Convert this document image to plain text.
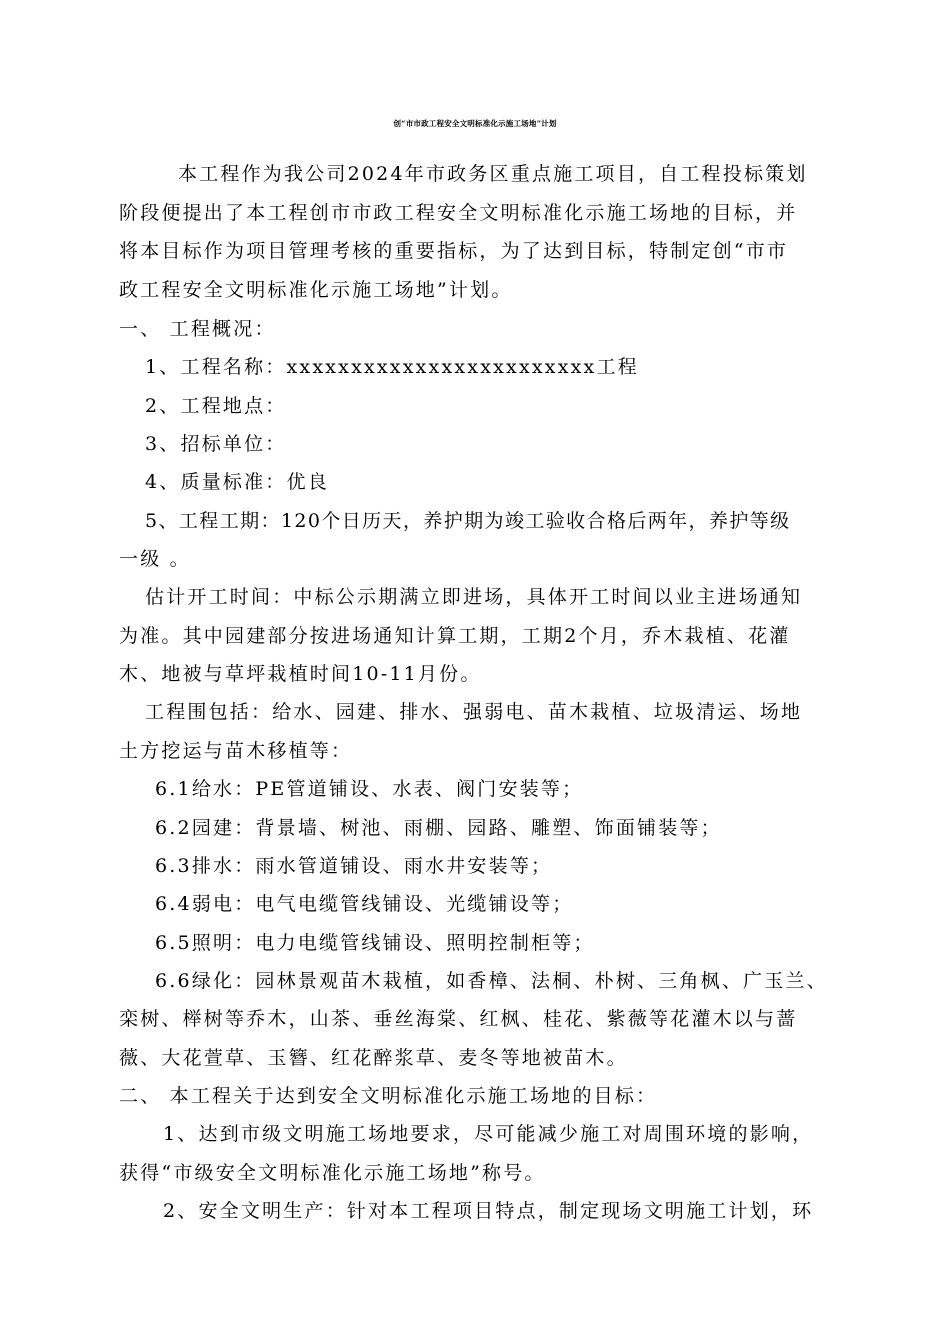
创“市市政工程安全文明标准化示施工场地”计划
本工程作为我公司2024年市政务区重点施工项目，自工程投标策划
阶段便提出了本工程创市市政工程安全文明标准化示施工场地的目标，并
将本目标作为项目管理考核的重要指标，为了达到目标，特制定创“市市
政工程安全文明标准化示施工场地”计划。
一、 工程概况：
1、工程名称：xxxxxxxxxxxxxxxxxxxxxxxx工程
2、工程地点：
3、招标单位：
4、质量标准：优良
5、工程工期：120个日历天，养护期为竣工验收合格后两年，养护等级
一级 。
估计开工时间：中标公示期满立即进场，具体开工时间以业主进场通知
为准。其中园建部分按进场通知计算工期，工期2个月，乔木栽植、花灌
木、地被与草坪栽植时间10-11月份。
工程围包括：给水、园建、排水、强弱电、苗木栽植、垃圾清运、场地
土方挖运与苗木移植等：
6.1给水：PE管道铺设、水表、阀门安装等；
6.2园建：背景墙、树池、雨棚、园路、雕塑、饰面铺装等；
6.3排水：雨水管道铺设、雨水井安装等；
6.4弱电：电气电缆管线铺设、光缆铺设等；
6.5照明：电力电缆管线铺设、照明控制柜等；
6.6绿化：园林景观苗木栽植，如香樟、法桐、朴树、三角枫、广玉兰、
栾树、榉树等乔木，山茶、垂丝海棠、红枫、桂花、紫薇等花灌木以与蔷
薇、大花萱草、玉簪、红花醉浆草、麦冬等地被苗木。
二、 本工程关于达到安全文明标准化示施工场地的目标：
1、达到市级文明施工场地要求，尽可能减少施工对周围环境的影响，
获得“市级安全文明标准化示施工场地”称号。
2、安全文明生产：针对本工程项目特点，制定现场文明施工计划，环
